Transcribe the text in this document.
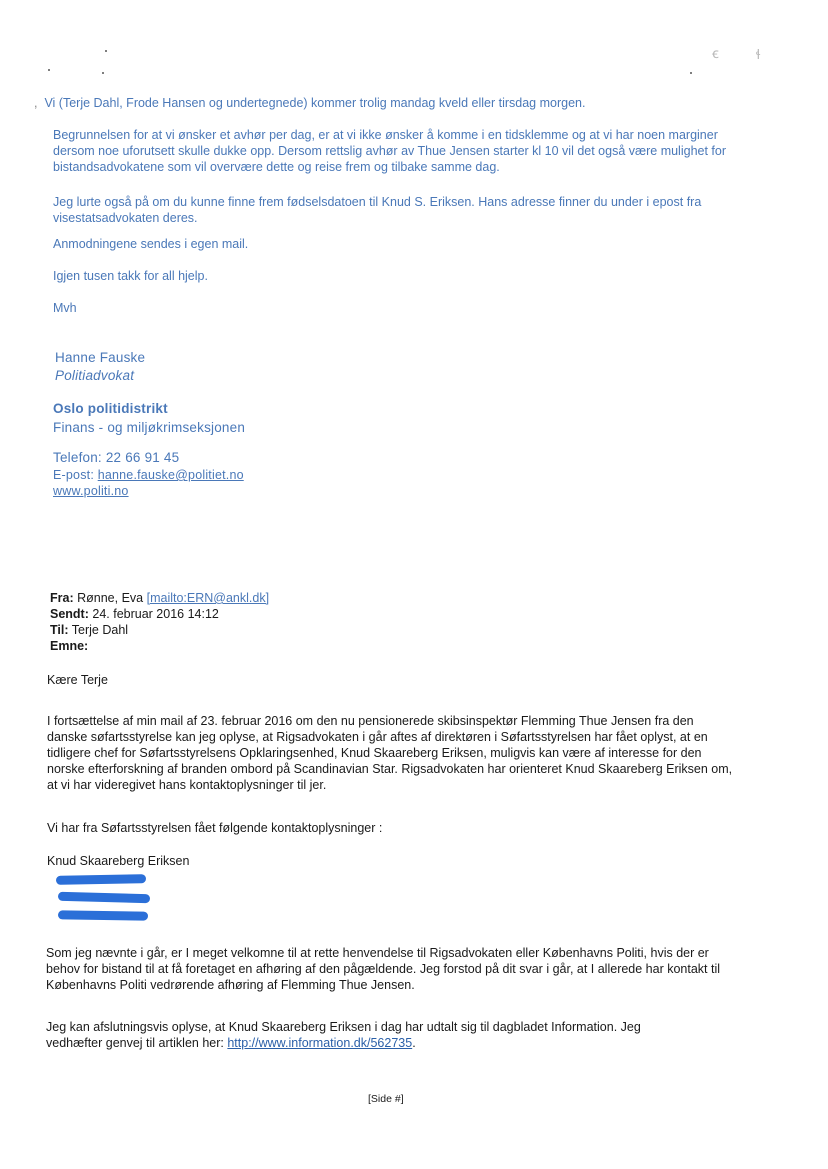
ꞓ	ɬ
, Vi (Terje Dahl, Frode Hansen og undertegnede) kommer trolig mandag kveld eller tirsdag morgen.
Begrunnelsen for at vi ønsker et avhør per dag, er at vi ikke ønsker å komme i en tidsklemme og at vi har noen marginer dersom noe uforutsett skulle dukke opp. Dersom rettslig avhør av Thue Jensen starter kl 10 vil det også være mulighet for bistandsadvokatene som vil overvære dette og reise frem og tilbake samme dag.
Jeg lurte også på om du kunne finne frem fødselsdatoen til Knud S. Eriksen. Hans adresse finner du under i epost fra visestatsadvokaten deres.
Anmodningene sendes i egen mail.
Igjen tusen takk for all hjelp.
Mvh
Hanne Fauske
Politiadvokat
Oslo politidistrikt
Finans - og miljøkrimseksjonen
Telefon: 22 66 91 45
E-post: hanne.fauske@politiet.no
www.politi.no
Fra: Rønne, Eva [mailto:ERN@ankl.dk]
Sendt: 24. februar 2016 14:12
Til: Terje Dahl
Emne:
Kære Terje
I fortsættelse af min mail af 23. februar 2016 om den nu pensionerede skibsinspektør Flemming Thue Jensen fra den danske søfartsstyrelse kan jeg oplyse, at Rigsadvokaten i går aftes af direktøren i Søfartsstyrelsen har fået oplyst, at en tidligere chef for Søfartsstyrelsens Opklaringsenhed, Knud Skaareberg Eriksen, muligvis kan være af interesse for den norske efterforskning af branden ombord på Scandinavian Star. Rigsadvokaten har orienteret Knud Skaareberg Eriksen om, at vi har videregivet hans kontaktoplysninger til jer.
Vi har fra Søfartsstyrelsen fået følgende kontaktoplysninger :
Knud Skaareberg Eriksen
Som jeg nævnte i går, er I meget velkomne til at rette henvendelse til Rigsadvokaten eller Københavns Politi, hvis der er behov for bistand til at få foretaget en afhøring af den pågældende. Jeg forstod på dit svar i går, at I allerede har kontakt til Københavns Politi vedrørende afhøring af Flemming Thue Jensen.
Jeg kan afslutningsvis oplyse, at Knud Skaareberg Eriksen i dag har udtalt sig til dagbladet Information. Jeg vedhæfter genvej til artiklen her: http://www.information.dk/562735.
[Side #]
